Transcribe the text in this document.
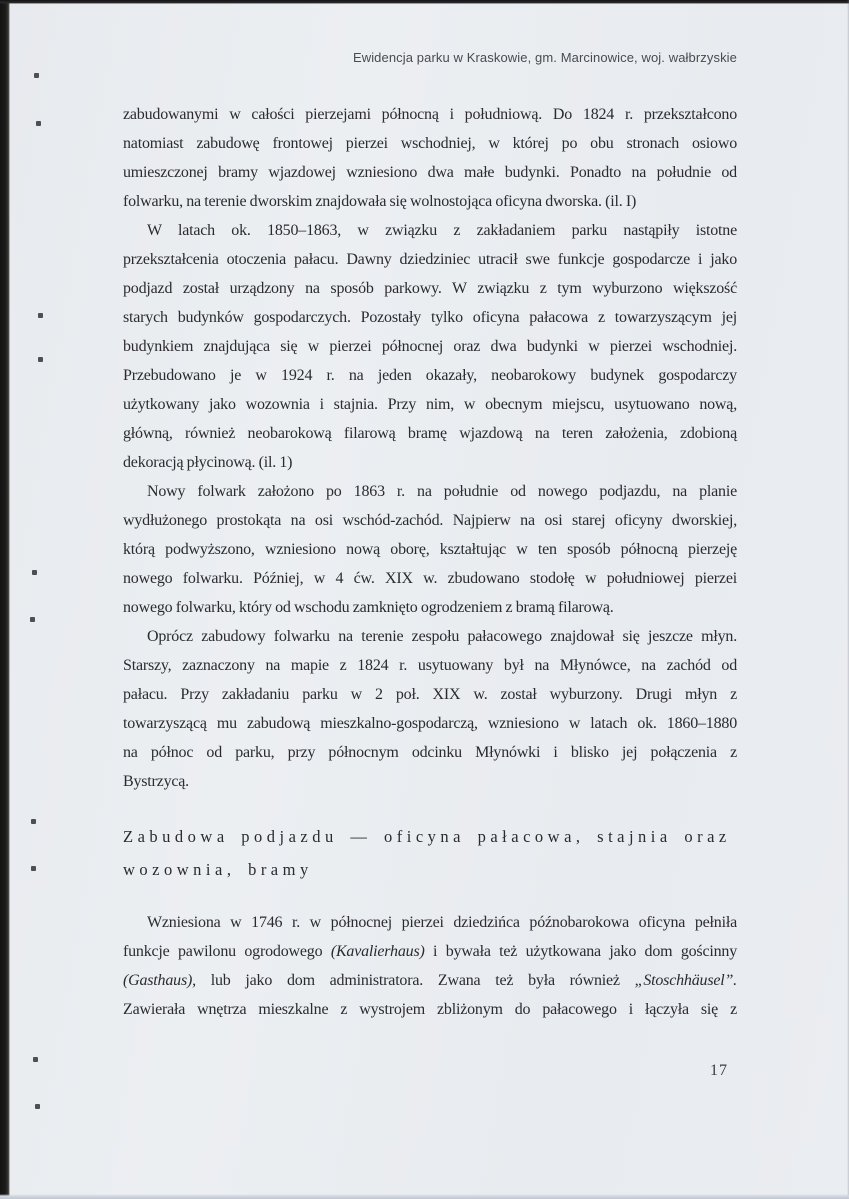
Ewidencja parku w Kraskowie, gm. Marcinowice, woj. wałbrzyskie
zabudowanymi w całości pierzejami północną i południową. Do 1824 r. przekształcono
natomiast zabudowę frontowej pierzei wschodniej, w której po obu stronach osiowo
umieszczonej bramy wjazdowej wzniesiono dwa małe budynki. Ponadto na południe od
folwarku, na terenie dworskim znajdowała się wolnostojąca oficyna dworska. (il. I)
W latach ok. 1850–1863, w związku z zakładaniem parku nastąpiły istotne
przekształcenia otoczenia pałacu. Dawny dziedziniec utracił swe funkcje gospodarcze i jako
podjazd został urządzony na sposób parkowy. W związku z tym wyburzono większość
starych budynków gospodarczych. Pozostały tylko oficyna pałacowa z towarzyszącym jej
budynkiem znajdująca się w pierzei północnej oraz dwa budynki w pierzei wschodniej.
Przebudowano je w 1924 r. na jeden okazały, neobarokowy budynek gospodarczy
użytkowany jako wozownia i stajnia. Przy nim, w obecnym miejscu, usytuowano nową,
główną, również neobarokową filarową bramę wjazdową na teren założenia, zdobioną
dekoracją płycinową. (il. 1)
Nowy folwark założono po 1863 r. na południe od nowego podjazdu, na planie
wydłużonego prostokąta na osi wschód-zachód. Najpierw na osi starej oficyny dworskiej,
którą podwyższono, wzniesiono nową oborę, kształtując w ten sposób północną pierzeję
nowego folwarku. Później, w 4 ćw. XIX w. zbudowano stodołę w południowej pierzei
nowego folwarku, który od wschodu zamknięto ogrodzeniem z bramą filarową.
Oprócz zabudowy folwarku na terenie zespołu pałacowego znajdował się jeszcze młyn.
Starszy, zaznaczony na mapie z 1824 r. usytuowany był na Młynówce, na zachód od
pałacu. Przy zakładaniu parku w 2 poł. XIX w. został wyburzony. Drugi młyn z
towarzyszącą mu zabudową mieszkalno-gospodarczą, wzniesiono w latach ok. 1860–1880
na północ od parku, przy północnym odcinku Młynówki i blisko jej połączenia z
Bystrzycą.
Zabudowa podjazdu — oficyna pałacowa, stajnia oraz
wozownia, bramy
Wzniesiona w 1746 r. w północnej pierzei dziedzińca późnobarokowa oficyna pełniła
funkcje pawilonu ogrodowego (Kavalierhaus) i bywała też użytkowana jako dom gościnny
(Gasthaus), lub jako dom administratora. Zwana też była również „Stoschhäusel”.
Zawierała wnętrza mieszkalne z wystrojem zbliżonym do pałacowego i łączyła się z
17
